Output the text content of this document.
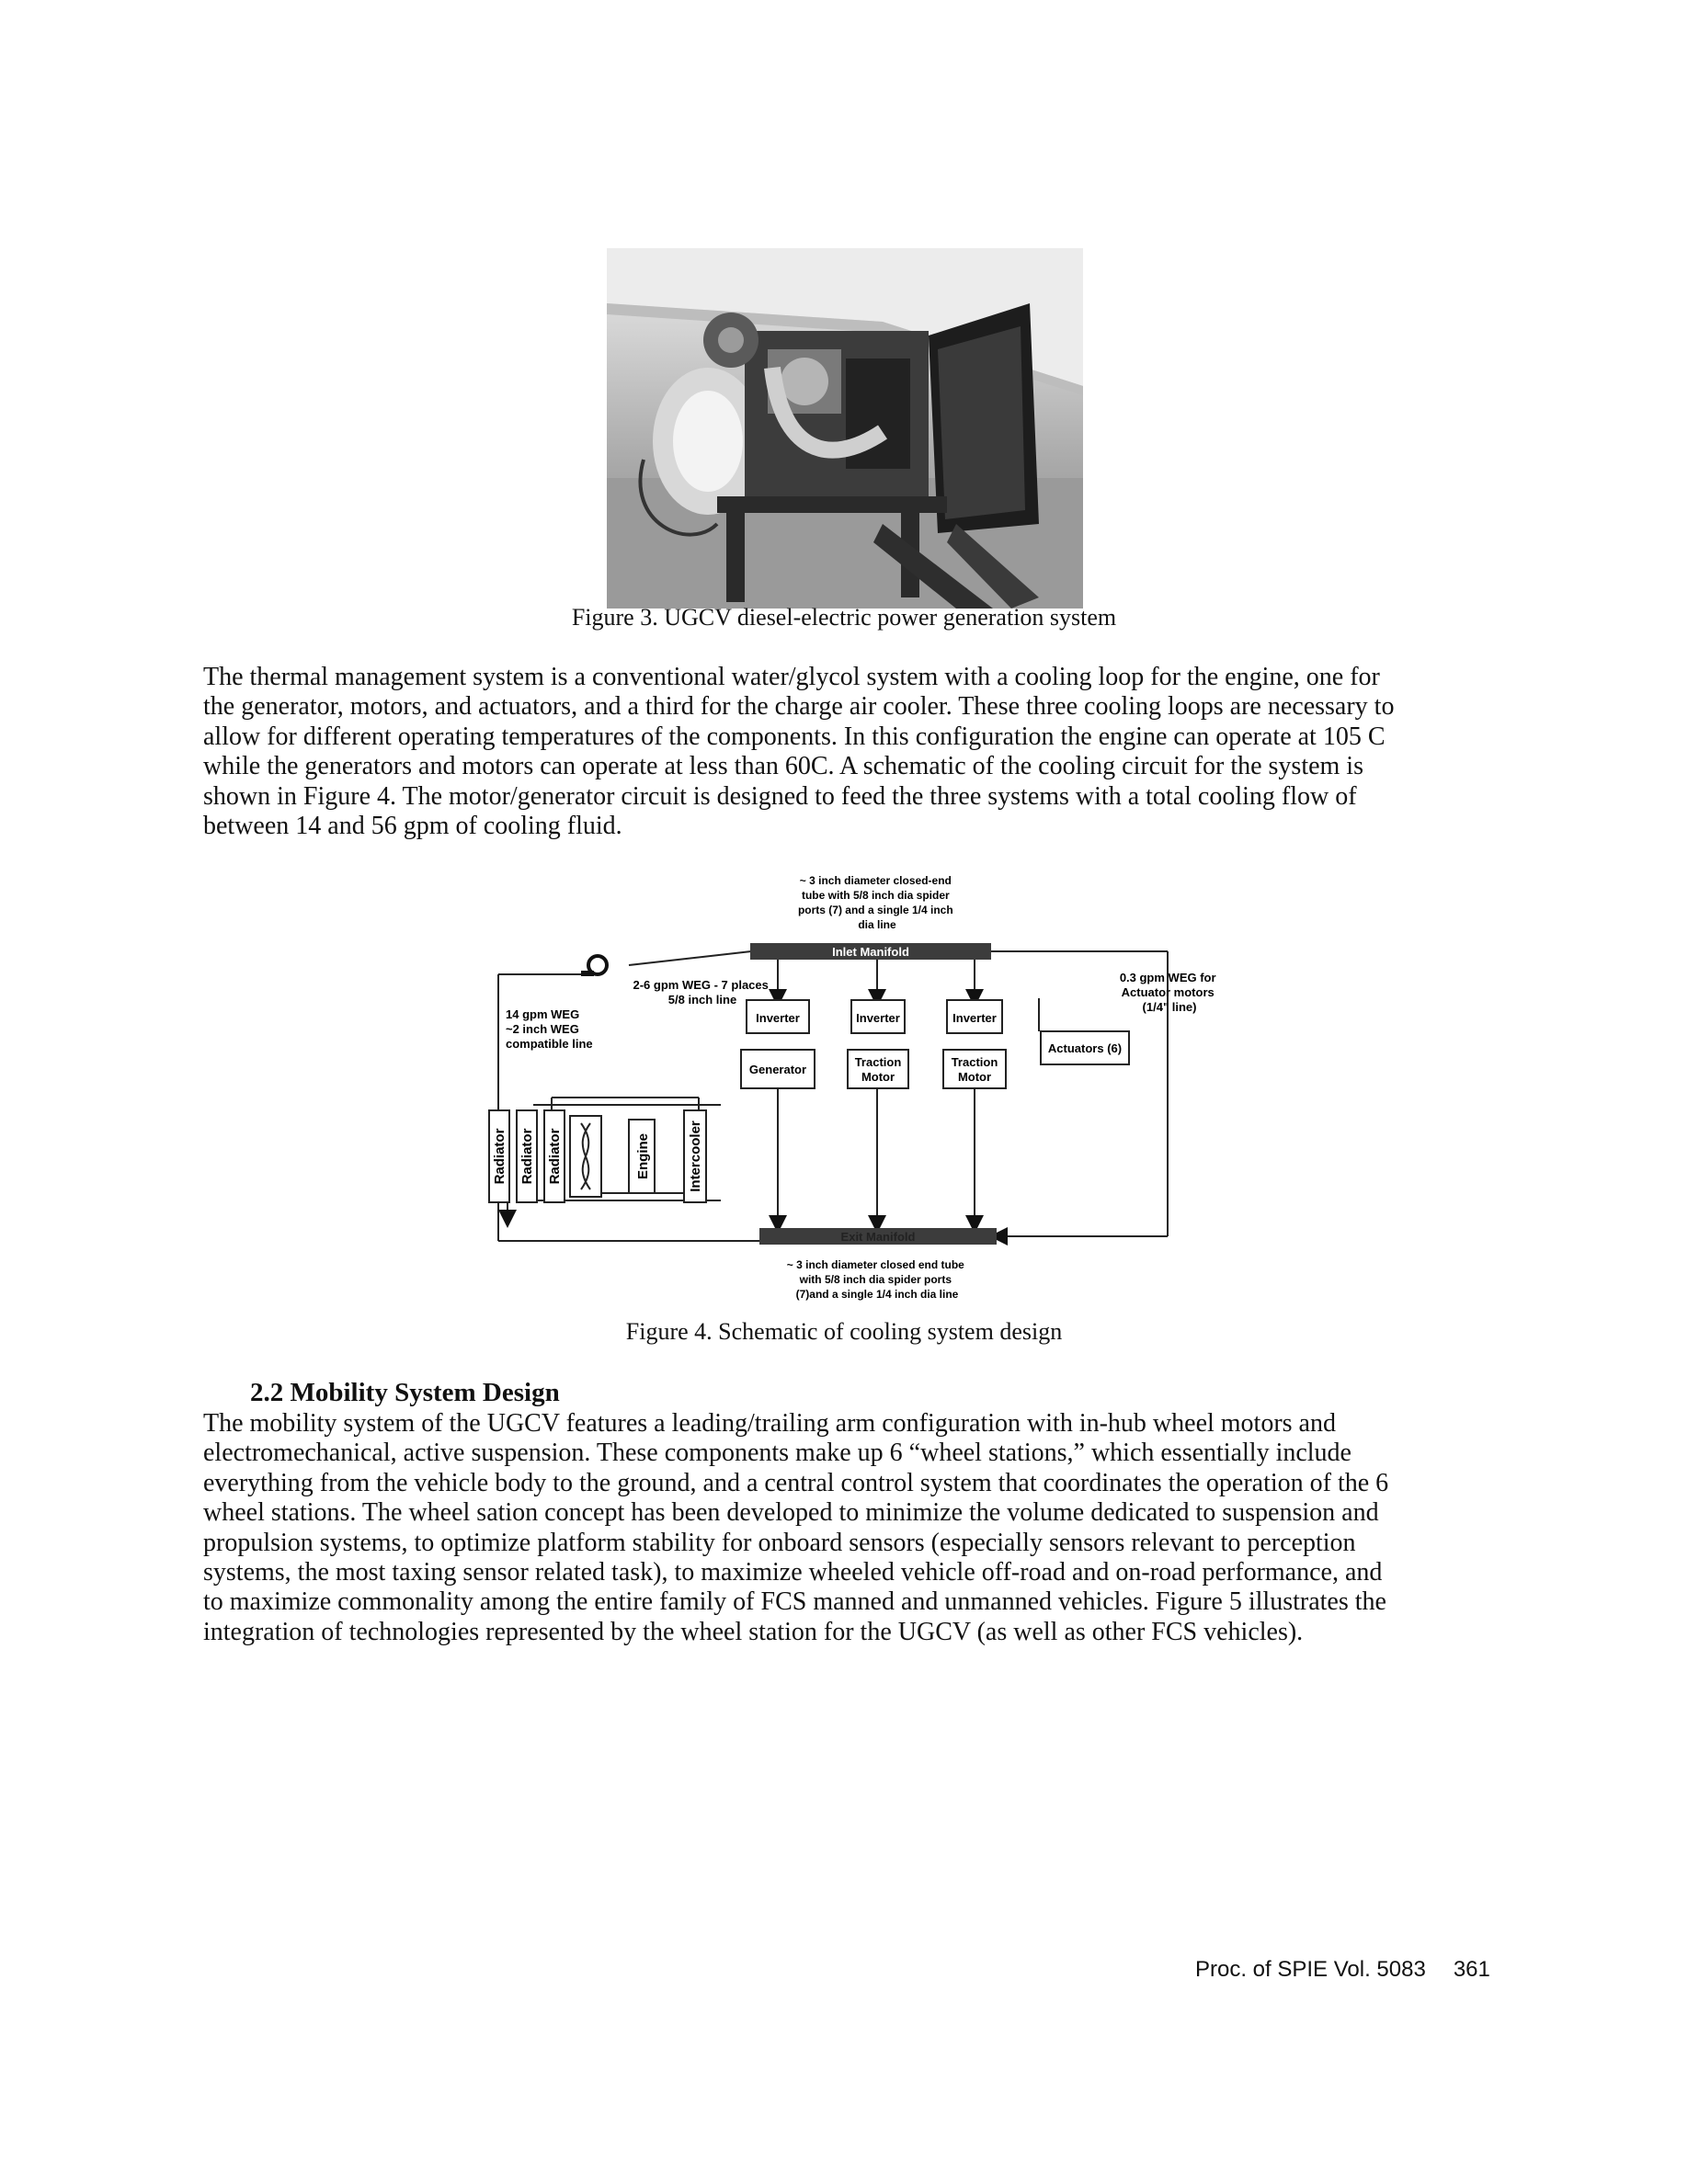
Figure 3. UGCV diesel-electric power generation system

The thermal management system is a conventional water/glycol system with a cooling loop for the engine, one for
the generator, motors, and actuators, and a third for the charge air cooler. These three cooling loops are necessary to
allow for different operating temperatures of the components. In this configuration the engine can operate at 105 C
while the generators and motors can operate at less than 60C. A schematic of the cooling circuit for the system is
shown in Figure 4. The motor/generator circuit is designed to feed the three systems with a total cooling flow of
between 14 and 56 gpm of cooling fluid.

~ 3 inch diameter closed-end tube with 5/8 inch dia spider ports (7) and a single 1/4 inch dia line
Inlet Manifold
2-6 gpm WEG - 7 places 5/8 inch line
14 gpm WEG ~2 inch WEG compatible line
0.3 gpm WEG for Actuator motors (1/4" line)
Inverter	Inverter	Inverter
Generator
Traction
Motor
Traction
Motor
Actuators (6)
Radiator Radiator Radiator	Engine	Intercooler
Exit Manifold
~ 3 inch diameter closed end tube with 5/8 inch dia spider ports (7)and a single 1/4 inch dia line

Figure 4. Schematic of cooling system design

2.2 Mobility System Design

The mobility system of the UGCV features a leading/trailing arm configuration with in-hub wheel motors and
electromechanical, active suspension. These components make up 6 “wheel stations,” which essentially include
everything from the vehicle body to the ground, and a central control system that coordinates the operation of the 6
wheel stations. The wheel sation concept has been developed to minimize the volume dedicated to suspension and
propulsion systems, to optimize platform stability for onboard sensors (especially sensors relevant to perception
systems, the most taxing sensor related task), to maximize wheeled vehicle off-road and on-road performance, and
to maximize commonality among the entire family of FCS manned and unmanned vehicles. Figure 5 illustrates the
integration of technologies represented by the wheel station for the UGCV (as well as other FCS vehicles).

Proc. of SPIE Vol. 5083 361
